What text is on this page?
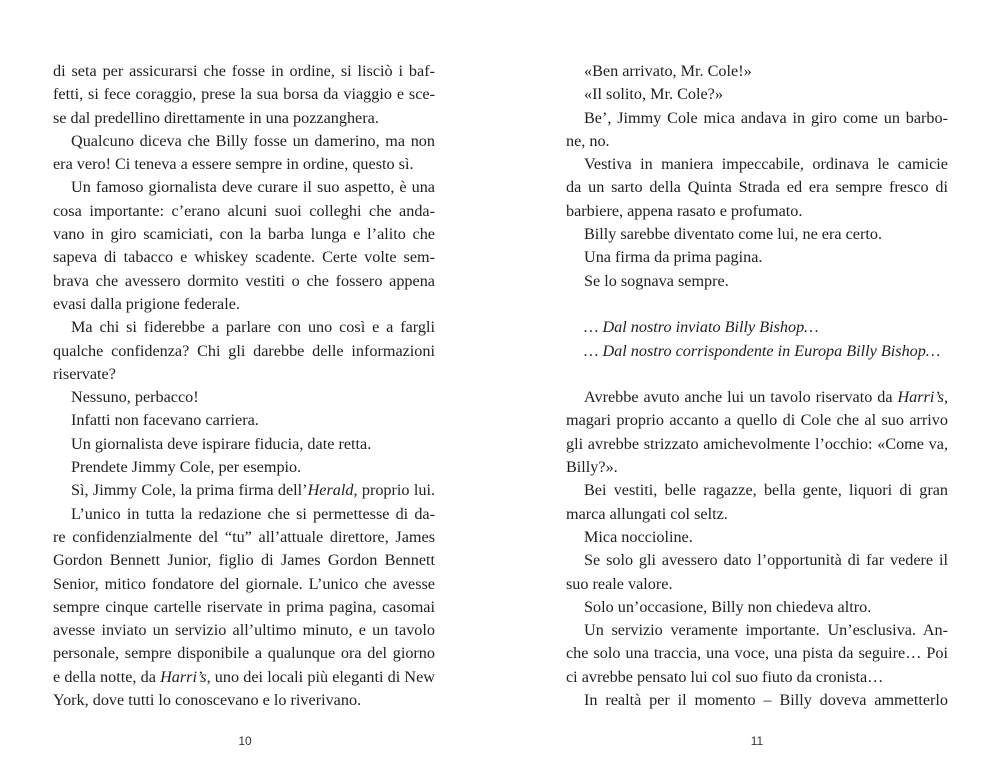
di seta per assicurarsi che fosse in ordine, si lisciò i baf-
fetti, si fece coraggio, prese la sua borsa da viaggio e sce-
se dal predellino direttamente in una pozzanghera.
Qualcuno diceva che Billy fosse un damerino, ma non
era vero! Ci teneva a essere sempre in ordine, questo sì.
Un famoso giornalista deve curare il suo aspetto, è una
cosa importante: c’erano alcuni suoi colleghi che anda-
vano in giro scamiciati, con la barba lunga e l’alito che
sapeva di tabacco e whiskey scadente. Certe volte sem-
brava che avessero dormito vestiti o che fossero appena
evasi dalla prigione federale.
Ma chi si fiderebbe a parlare con uno così e a fargli
qualche confidenza? Chi gli darebbe delle informazioni
riservate?
Nessuno, perbacco!
Infatti non facevano carriera.
Un giornalista deve ispirare fiducia, date retta.
Prendete Jimmy Cole, per esempio.
Sì, Jimmy Cole, la prima firma dell’Herald, proprio lui.
L’unico in tutta la redazione che si permettesse di da-
re confidenzialmente del “tu” all’attuale direttore, James
Gordon Bennett Junior, figlio di James Gordon Bennett
Senior, mitico fondatore del giornale. L’unico che avesse
sempre cinque cartelle riservate in prima pagina, casomai
avesse inviato un servizio all’ultimo minuto, e un tavolo
personale, sempre disponibile a qualunque ora del giorno
e della notte, da Harri’s, uno dei locali più eleganti di New
York, dove tutti lo conoscevano e lo riverivano.
10
«Ben arrivato, Mr. Cole!»
«Il solito, Mr. Cole?»
Be’, Jimmy Cole mica andava in giro come un barbo-
ne, no.
Vestiva in maniera impeccabile, ordinava le camicie
da un sarto della Quinta Strada ed era sempre fresco di
barbiere, appena rasato e profumato.
Billy sarebbe diventato come lui, ne era certo.
Una firma da prima pagina.
Se lo sognava sempre.
… Dal nostro inviato Billy Bishop…
… Dal nostro corrispondente in Europa Billy Bishop…
Avrebbe avuto anche lui un tavolo riservato da Harri’s,
magari proprio accanto a quello di Cole che al suo arrivo
gli avrebbe strizzato amichevolmente l’occhio: «Come va,
Billy?».
Bei vestiti, belle ragazze, bella gente, liquori di gran
marca allungati col seltz.
Mica noccioline.
Se solo gli avessero dato l’opportunità di far vedere il
suo reale valore.
Solo un’occasione, Billy non chiedeva altro.
Un servizio veramente importante. Un’esclusiva. An-
che solo una traccia, una voce, una pista da seguire… Poi
ci avrebbe pensato lui col suo fiuto da cronista…
In realtà per il momento – Billy doveva ammetterlo
11
